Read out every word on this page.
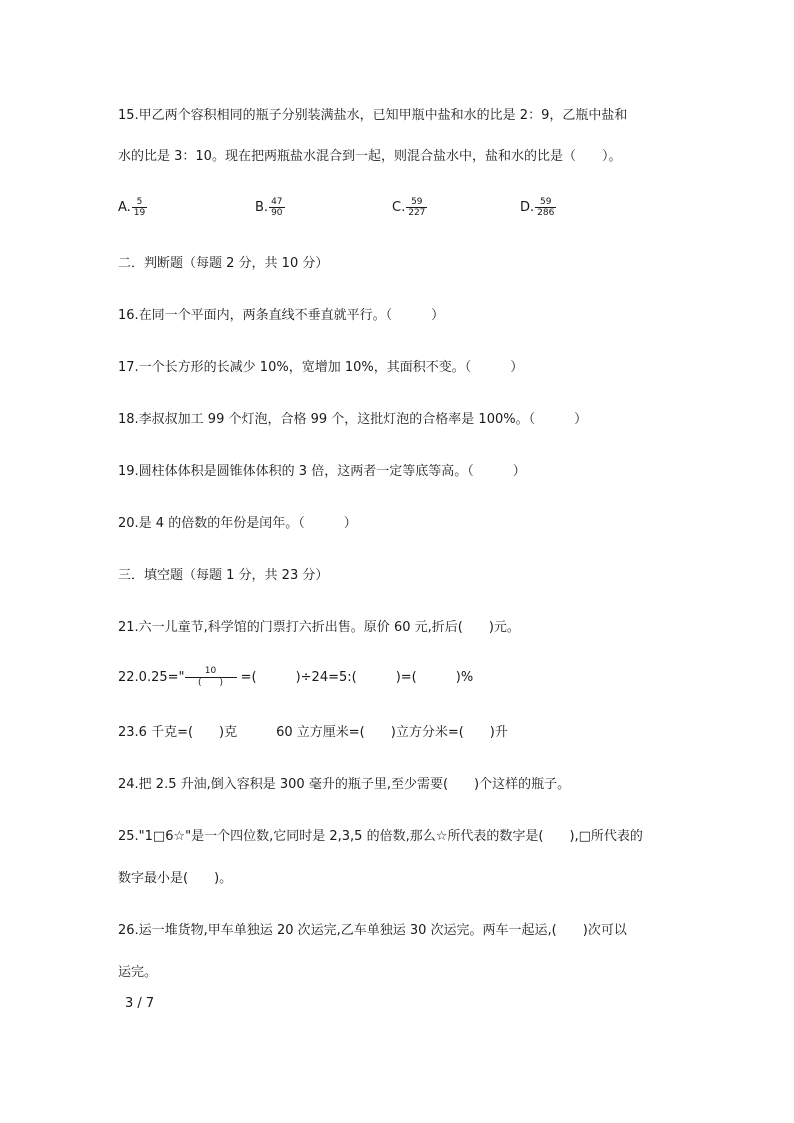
15.甲乙两个容积相同的瓶子分别装满盐水，已知甲瓶中盐和水的比是 2：9，乙瓶中盐和
水的比是 3：10。现在把两瓶盐水混合到一起，则混合盐水中，盐和水的比是（　　）。
A. $\frac{5}{19}$	B. $\frac{47}{90}$	C. $\frac{59}{227}$	D. $\frac{59}{286}$
二．判断题（每题 2 分，共 10 分）
16.在同一个平面内，两条直线不垂直就平行。（　　　）
17.一个长方形的长减少 10%，宽增加 10%，其面积不变。（　　　）
18.李叔叔加工 99 个灯泡，合格 99 个，这批灯泡的合格率是 100%。（　　　）
19.圆柱体体积是圆锥体体积的 3 倍，这两者一定等底等高。（　　　）
20.是 4 的倍数的年份是闰年。（　　　）
三．填空题（每题 1 分，共 23 分）
21.六一儿童节,科学馆的门票打六折出售。原价 60 元,折后(　　)元。
22.0.25=" $\frac{10}{( )}$ =(　　　)÷24=5:(　　　)=(　　　)%
23.6 千克=(　　)克　　　60 立方厘米=(　　)立方分米=(　　)升
24.把 2.5 升油,倒入容积是 300 毫升的瓶子里,至少需要(　　)个这样的瓶子。
25."1□6☆"是一个四位数,它同时是 2,3,5 的倍数,那么☆所代表的数字是(　　),□所代表的
数字最小是(　　)。
26.运一堆货物,甲车单独运 20 次运完,乙车单独运 30 次运完。两车一起运,(　　)次可以
运完。
3 / 7
